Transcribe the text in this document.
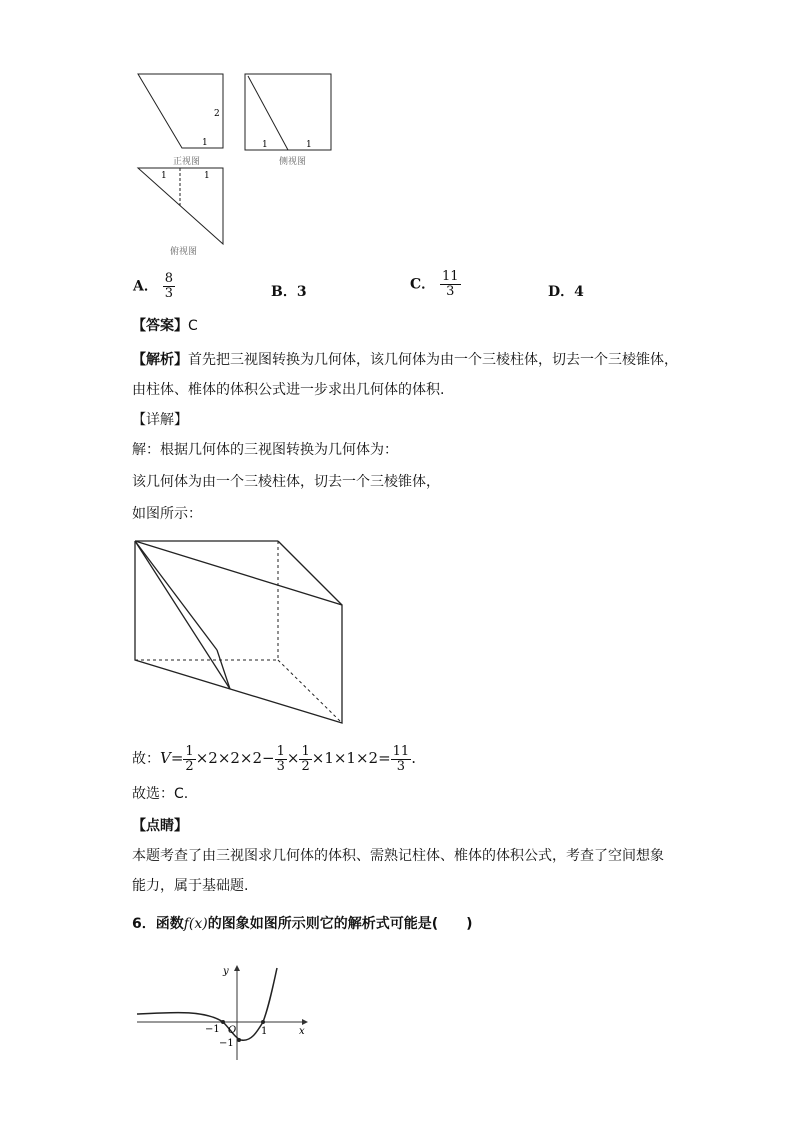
2
1
正视图
1	1
侧视图
1	1
俯视图
A． $\frac{8}{3}$	B．3	C． $\frac{11}{3}$	D．4
【答案】C
【解析】首先把三视图转换为几何体，该几何体为由一个三棱柱体，切去一个三棱锥体，
由柱体、椎体的体积公式进一步求出几何体的体积.
【详解】
解：根据几何体的三视图转换为几何体为：
该几何体为由一个三棱柱体，切去一个三棱锥体，
如图所示：
故：$V= \frac{1}{2} \times 2\times 2\times 2- \frac{1}{3} \times \frac{1}{2} \times 1\times 1\times 2= \frac{11}{3}$ .
故选：C.
【点睛】
本题考查了由三视图求几何体的体积、需熟记柱体、椎体的体积公式，考查了空间想象
能力，属于基础题.
6．函数f(x)的图象如图所示则它的解析式可能是(　　)
y
x
O
−1	1
−1
